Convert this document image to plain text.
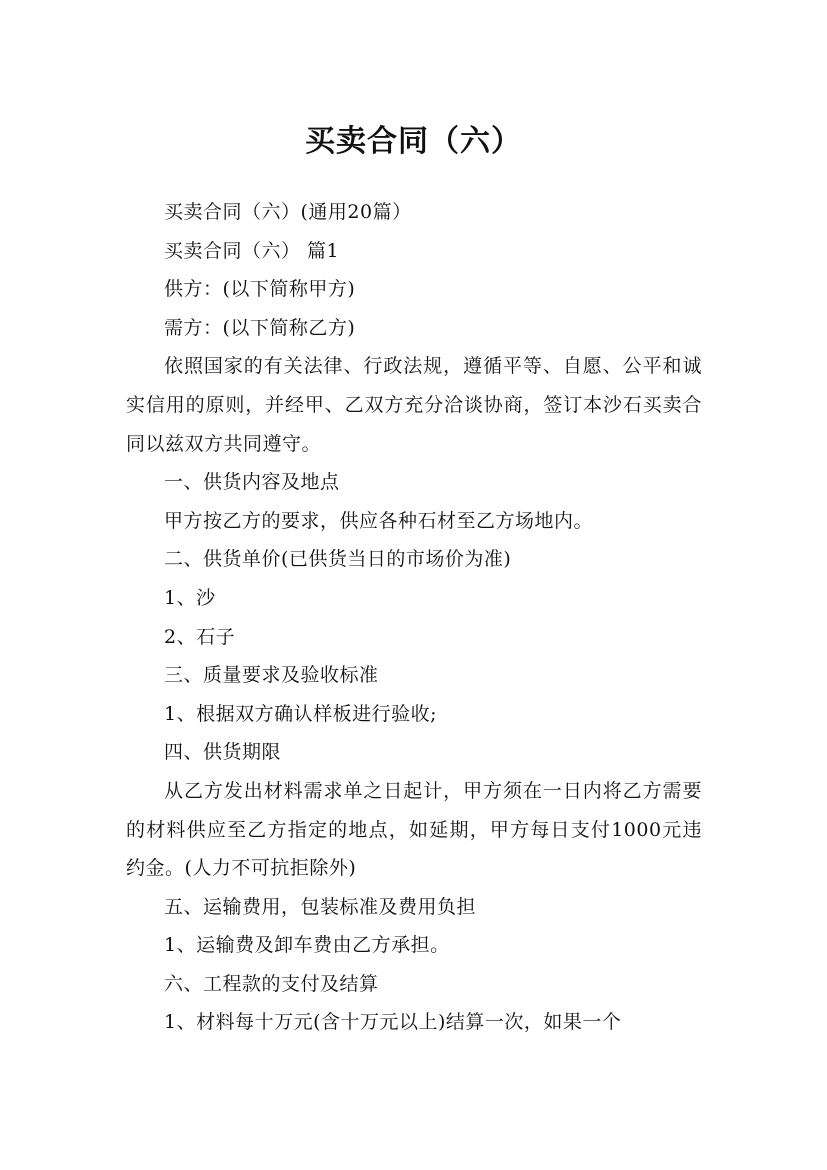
买卖合同（六）

买卖合同（六）(通用20篇）

买卖合同（六） 篇1

供方：(以下简称甲方)

需方：(以下简称乙方)

依照国家的有关法律、行政法规，遵循平等、自愿、公平和诚实信用的原则，并经甲、乙双方充分洽谈协商，签订本沙石买卖合同以兹双方共同遵守。

一、供货内容及地点

甲方按乙方的要求，供应各种石材至乙方场地内。

二、供货单价(已供货当日的市场价为准)

1、沙

2、石子

三、质量要求及验收标准

1、根据双方确认样板进行验收;

四、供货期限

从乙方发出材料需求单之日起计，甲方须在一日内将乙方需要的材料供应至乙方指定的地点，如延期，甲方每日支付1000元违约金。(人力不可抗拒除外)

五、运输费用，包装标准及费用负担

1、运输费及卸车费由乙方承担。

六、工程款的支付及结算

1、材料每十万元(含十万元以上)结算一次，如果一个
